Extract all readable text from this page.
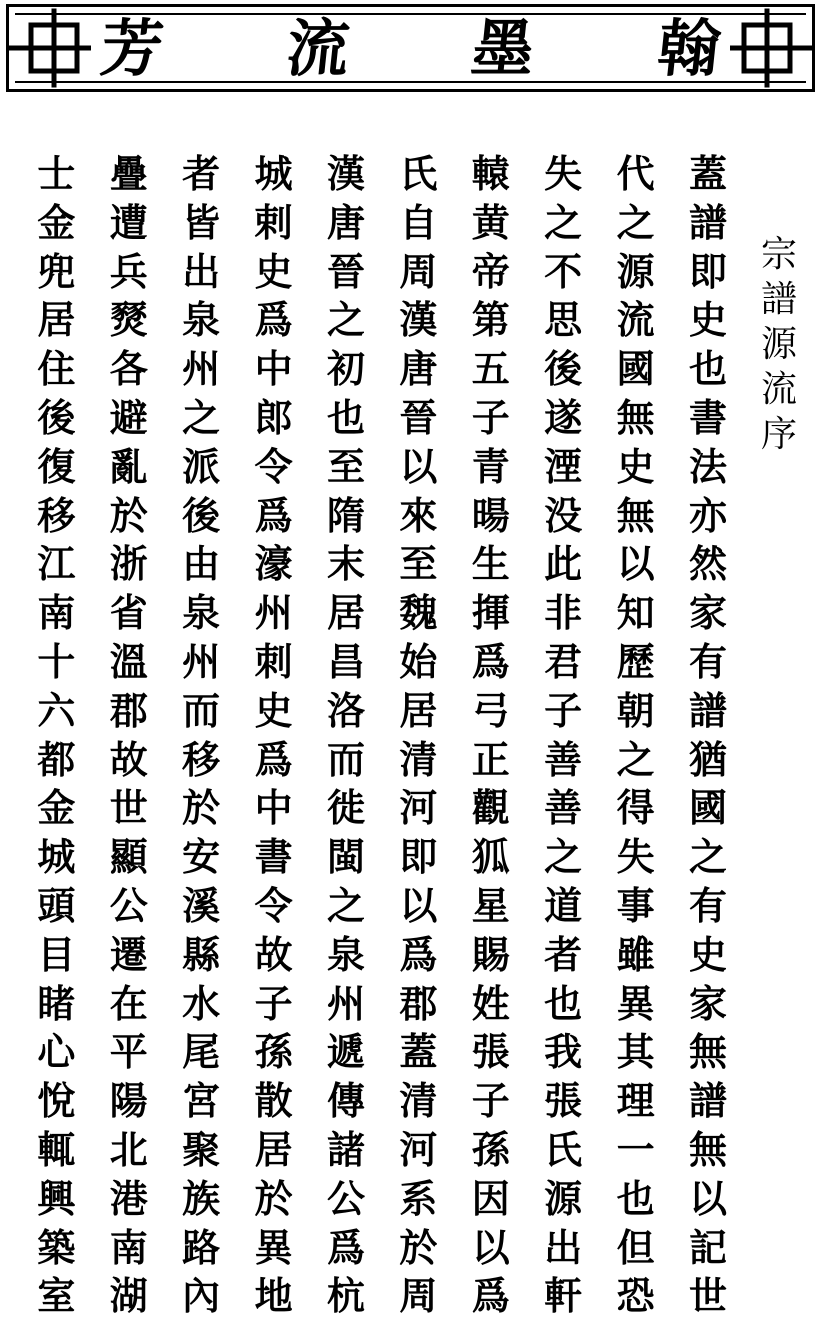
翰
墨
流
芳
宗
譜
源
流
序
蓋
譜
即
史
也
書
法
亦
然
家
有
譜
猶
國
之
有
史
家
無
譜
無
以
記
世
代
之
源
流
國
無
史
無
以
知
歷
朝
之
得
失
事
雖
異
其
理
一
也
但
恐
失
之
不
思
後
遂
湮
没
此
非
君
子
善
善
之
道
者
也
我
張
氏
源
出
軒
轅
黄
帝
第
五
子
青
暘
生
揮
爲
弓
正
觀
狐
星
賜
姓
張
子
孫
因
以
爲
氏
自
周
漢
唐
晉
以
來
至
魏
始
居
清
河
即
以
爲
郡
蓋
清
河
系
於
周
漢
唐
晉
之
初
也
至
隋
末
居
昌
洛
而
徙
閩
之
泉
州
遞
傳
諸
公
爲
杭
城
剌
史
爲
中
郎
令
爲
濠
州
刺
史
爲
中
書
令
故
子
孫
散
居
於
異
地
者
皆
出
泉
州
之
派
後
由
泉
州
而
移
於
安
溪
縣
水
尾
宮
聚
族
路
內
疊
遭
兵
燹
各
避
亂
於
浙
省
溫
郡
故
世
顯
公
遷
在
平
陽
北
港
南
湖
士
金
兜
居
住
後
復
移
江
南
十
六
都
金
城
頭
目
睹
心
悅
輒
興
築
室
